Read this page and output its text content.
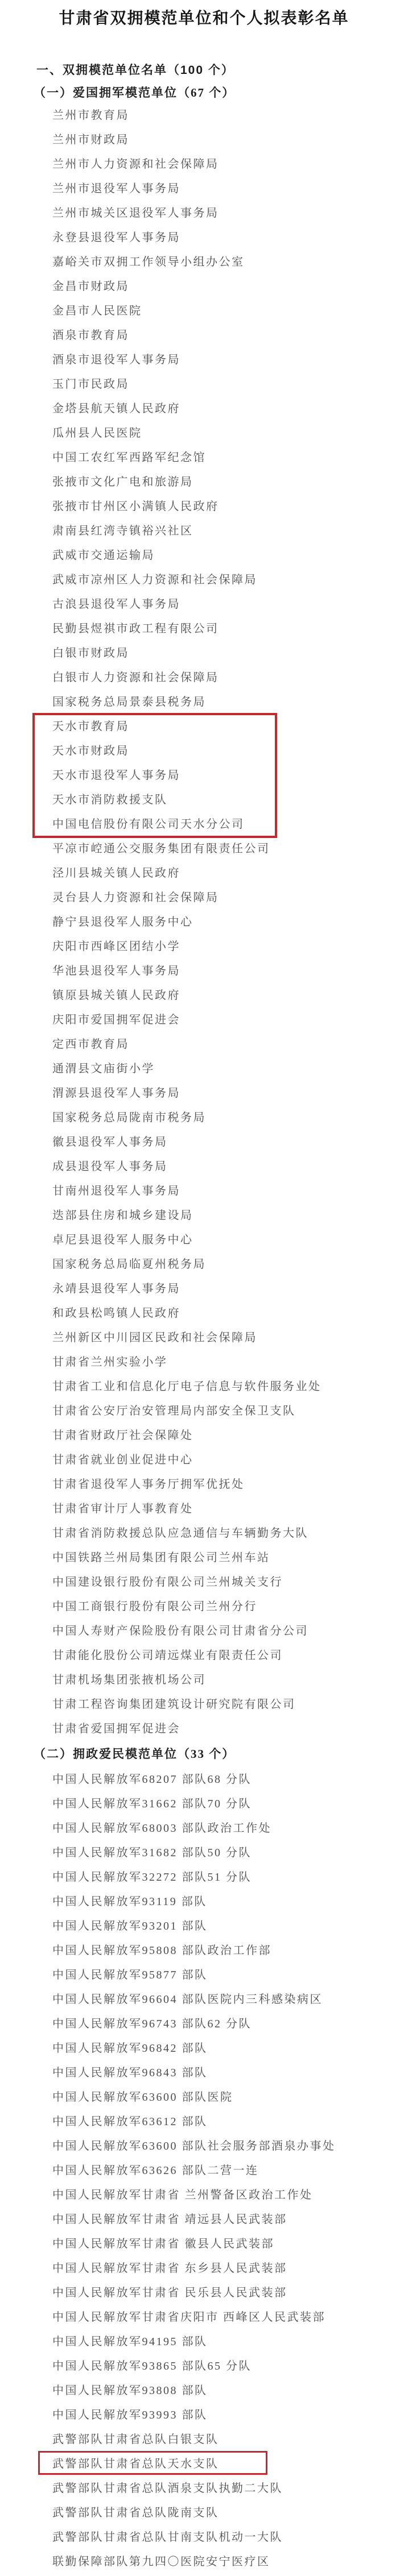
甘肃省双拥模范单位和个人拟表彰名单
一、双拥模范单位名单（100 个）
（一）爱国拥军模范单位（67 个）
兰州市教育局
兰州市财政局
兰州市人力资源和社会保障局
兰州市退役军人事务局
兰州市城关区退役军人事务局
永登县退役军人事务局
嘉峪关市双拥工作领导小组办公室
金昌市财政局
金昌市人民医院
酒泉市教育局
酒泉市退役军人事务局
玉门市民政局
金塔县航天镇人民政府
瓜州县人民医院
中国工农红军西路军纪念馆
张掖市文化广电和旅游局
张掖市甘州区小满镇人民政府
肃南县红湾寺镇裕兴社区
武威市交通运输局
武威市凉州区人力资源和社会保障局
古浪县退役军人事务局
民勤县煜祺市政工程有限公司
白银市财政局
白银市人力资源和社会保障局
国家税务总局景泰县税务局
天水市教育局
天水市财政局
天水市退役军人事务局
天水市消防救援支队
中国电信股份有限公司天水分公司
平凉市崆通公交服务集团有限责任公司
泾川县城关镇人民政府
灵台县人力资源和社会保障局
静宁县退役军人服务中心
庆阳市西峰区团结小学
华池县退役军人事务局
镇原县城关镇人民政府
庆阳市爱国拥军促进会
定西市教育局
通渭县文庙街小学
渭源县退役军人事务局
国家税务总局陇南市税务局
徽县退役军人事务局
成县退役军人事务局
甘南州退役军人事务局
迭部县住房和城乡建设局
卓尼县退役军人服务中心
国家税务总局临夏州税务局
永靖县退役军人事务局
和政县松鸣镇人民政府
兰州新区中川园区民政和社会保障局
甘肃省兰州实验小学
甘肃省工业和信息化厅电子信息与软件服务业处
甘肃省公安厅治安管理局内部安全保卫支队
甘肃省财政厅社会保障处
甘肃省就业创业促进中心
甘肃省退役军人事务厅拥军优抚处
甘肃省审计厅人事教育处
甘肃省消防救援总队应急通信与车辆勤务大队
中国铁路兰州局集团有限公司兰州车站
中国建设银行股份有限公司兰州城关支行
中国工商银行股份有限公司兰州分行
中国人寿财产保险股份有限公司甘肃省分公司
甘肃能化股份公司靖远煤业有限责任公司
甘肃机场集团张掖机场公司
甘肃工程咨询集团建筑设计研究院有限公司
甘肃省爱国拥军促进会
（二）拥政爱民模范单位（33 个）
中国人民解放军68207 部队68 分队
中国人民解放军31662 部队70 分队
中国人民解放军68003 部队政治工作处
中国人民解放军31682 部队50 分队
中国人民解放军32272 部队51 分队
中国人民解放军93119 部队
中国人民解放军93201 部队
中国人民解放军95808 部队政治工作部
中国人民解放军95877 部队
中国人民解放军96604 部队医院内三科感染病区
中国人民解放军96743 部队62 分队
中国人民解放军96842 部队
中国人民解放军96843 部队
中国人民解放军63600 部队医院
中国人民解放军63612 部队
中国人民解放军63600 部队社会服务部酒泉办事处
中国人民解放军63626 部队二营一连
中国人民解放军甘肃省 兰州警备区政治工作处
中国人民解放军甘肃省 靖远县人民武装部
中国人民解放军甘肃省 徽县人民武装部
中国人民解放军甘肃省 东乡县人民武装部
中国人民解放军甘肃省 民乐县人民武装部
中国人民解放军甘肃省庆阳市 西峰区人民武装部
中国人民解放军94195 部队
中国人民解放军93865 部队65 分队
中国人民解放军93808 部队
中国人民解放军93993 部队
武警部队甘肃省总队白银支队
武警部队甘肃省总队天水支队
武警部队甘肃省总队酒泉支队执勤二大队
武警部队甘肃省总队陇南支队
武警部队甘肃省总队甘南支队机动一大队
联勤保障部队第九四〇医院安宁医疗区
